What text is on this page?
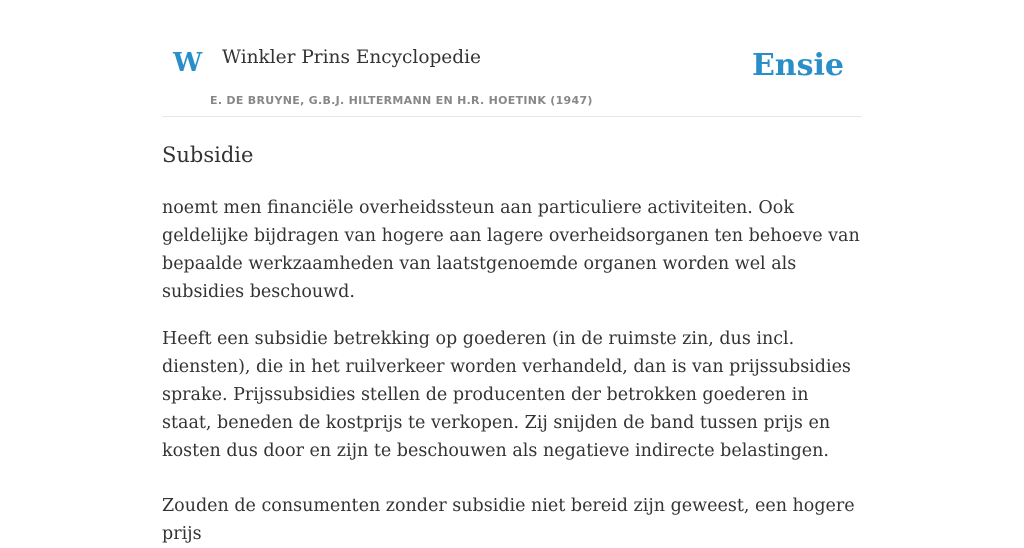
W Winkler Prins Encyclopedie
E. DE BRUYNE, G.B.J. HILTERMANN EN H.R. HOETINK (1947)
Ensie
Subsidie

noemt men financiële overheidssteun aan particuliere activiteiten. Ook geldelijke bijdragen van hogere aan lagere overheidsorganen ten behoeve van bepaalde werkzaamheden van laatstgenoemde organen worden wel als subsidies beschouwd.

Heeft een subsidie betrekking op goederen (in de ruimste zin, dus incl. diensten), die in het ruilverkeer worden verhandeld, dan is van prijssubsidies sprake. Prijssubsidies stellen de producenten der betrokken goederen in staat, beneden de kostprijs te verkopen. Zij snijden de band tussen prijs en kosten dus door en zijn te beschouwen als negatieve indirecte belastingen.

Zouden de consumenten zonder subsidie niet bereid zijn geweest, een hogere prijs
